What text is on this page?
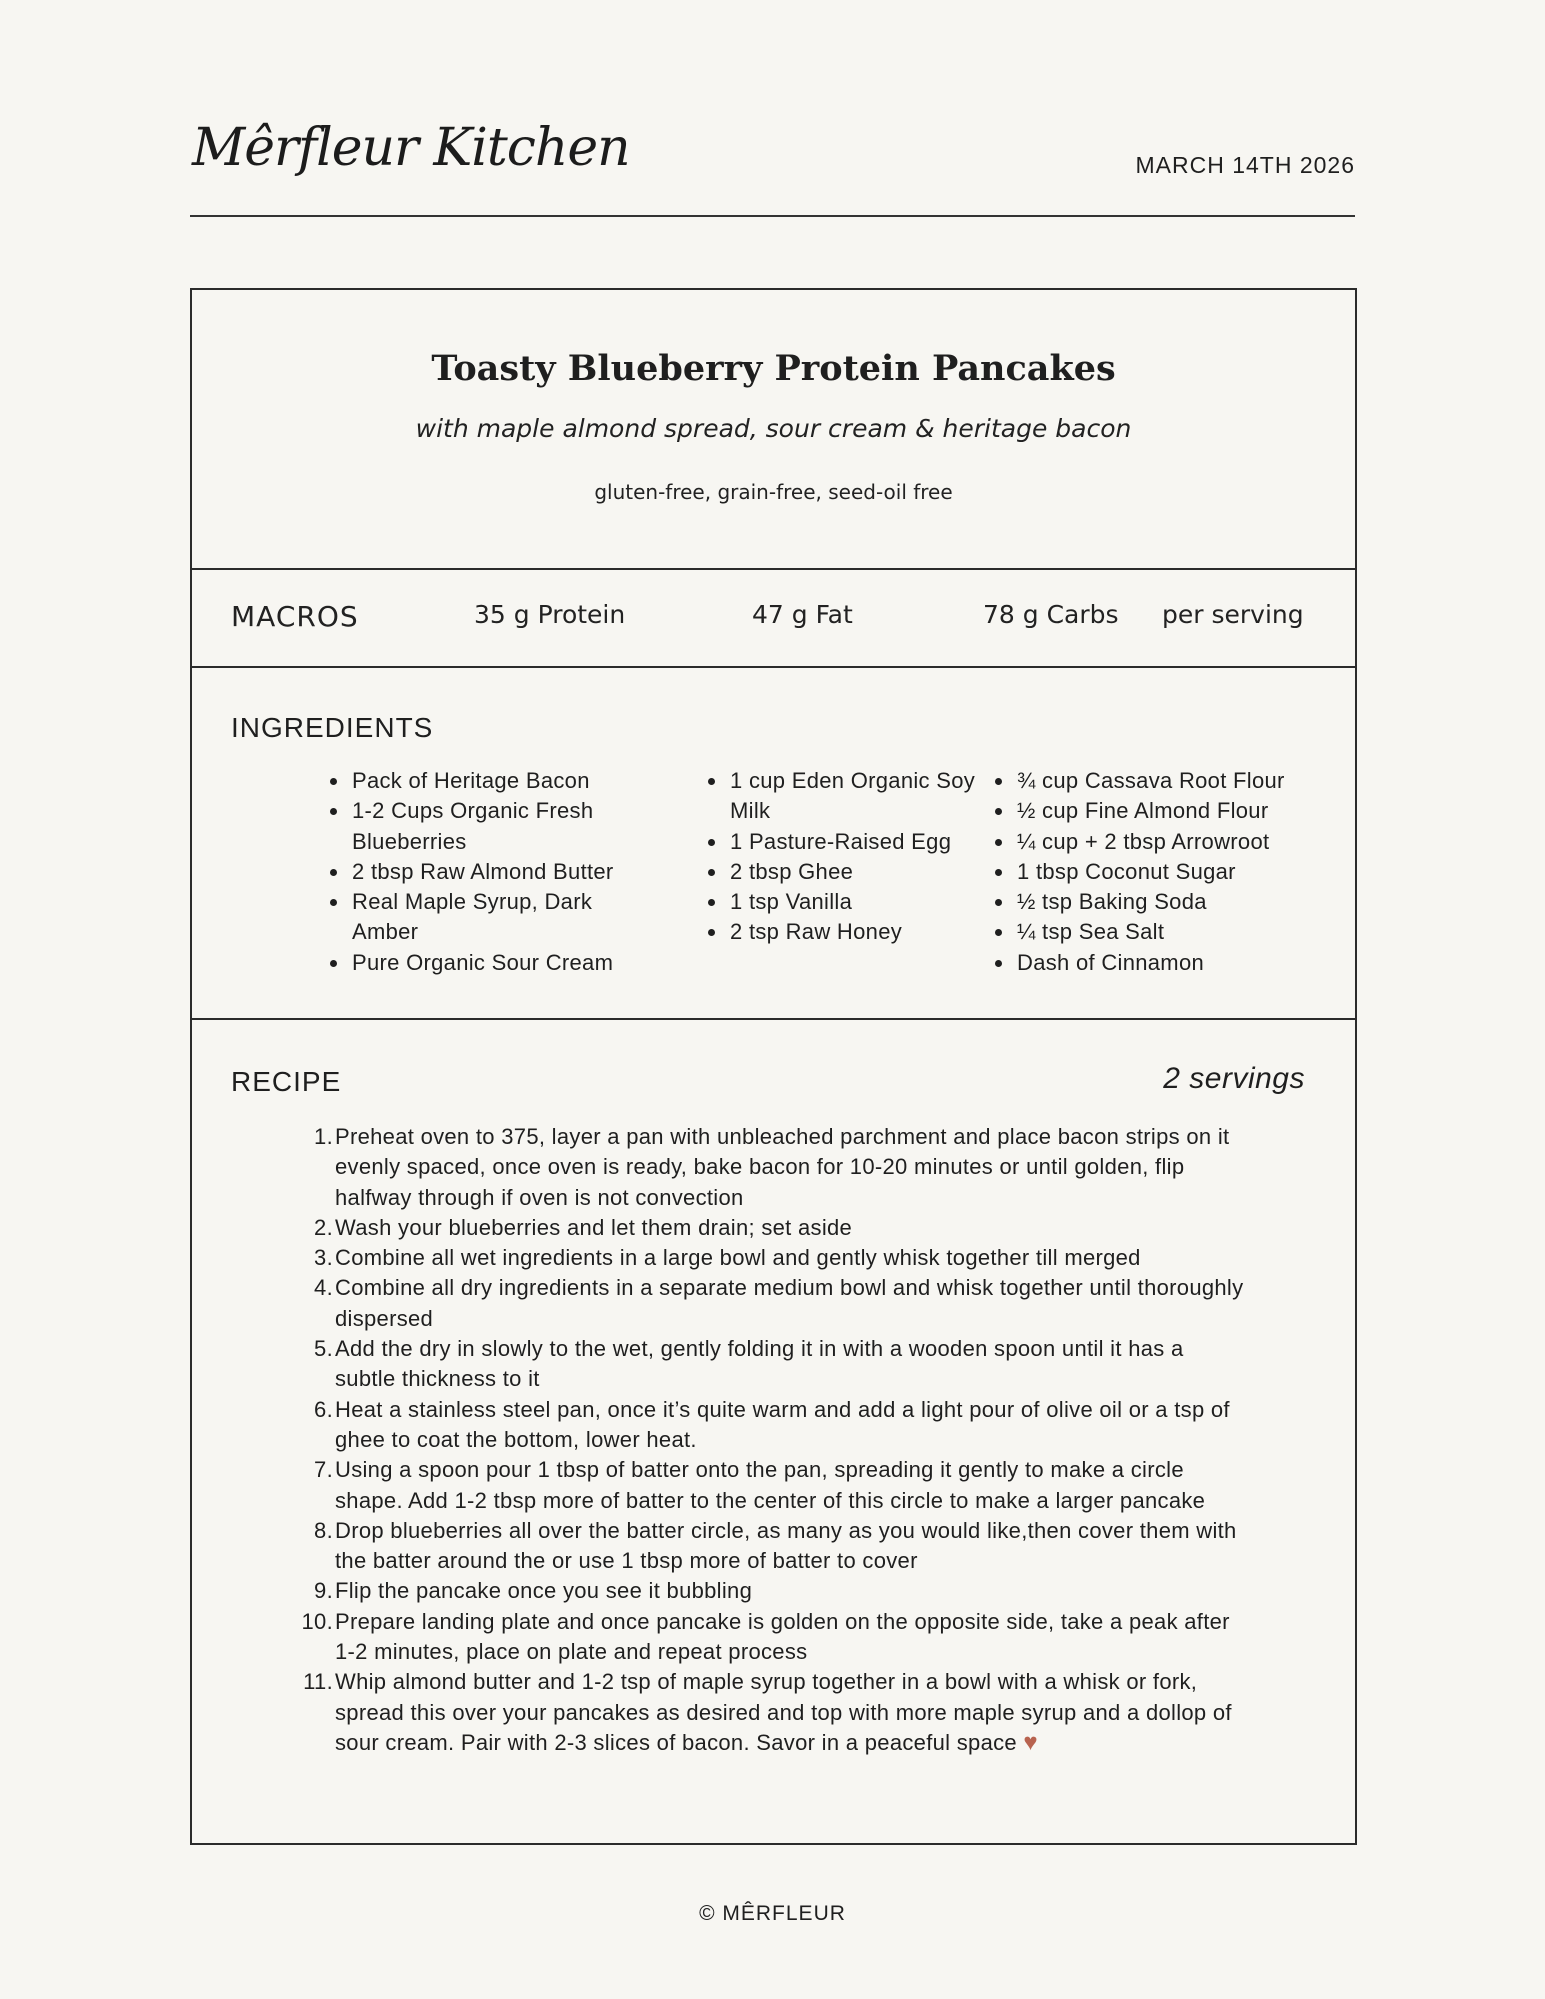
Mêrfleur Kitchen	MARCH 14TH 2026
Toasty Blueberry Protein Pancakes
with maple almond spread, sour cream & heritage bacon
gluten-free, grain-free, seed-oil free
MACROS	35 g Protein	47 g Fat	78 g Carbs per serving
INGREDIENTS
• Pack of Heritage Bacon
• 1-2 Cups Organic Fresh Blueberries
• 2 tbsp Raw Almond Butter
• Real Maple Syrup, Dark Amber
• Pure Organic Sour Cream
• 1 cup Eden Organic Soy Milk
• 1 Pasture-Raised Egg
• 2 tbsp Ghee
• 1 tsp Vanilla
• 2 tsp Raw Honey
• ¾ cup Cassava Root Flour
• ½ cup Fine Almond Flour
• ¼ cup + 2 tbsp Arrowroot
• 1 tbsp Coconut Sugar
• ½ tsp Baking Soda
• ¼ tsp Sea Salt
• Dash of Cinnamon
RECIPE	2 servings
Preheat oven to 375, layer a pan with unbleached parchment and place bacon strips on it evenly spaced, once oven is ready, bake bacon for 10-20 minutes or until golden, flip halfway through if oven is not convection
Wash your blueberries and let them drain; set aside
Combine all wet ingredients in a large bowl and gently whisk together till merged
Combine all dry ingredients in a separate medium bowl and whisk together until thoroughly dispersed
Add the dry in slowly to the wet, gently folding it in with a wooden spoon until it has a subtle thickness to it
Heat a stainless steel pan, once it’s quite warm and add a light pour of olive oil or a tsp of ghee to coat the bottom, lower heat.
Using a spoon pour 1 tbsp of batter onto the pan, spreading it gently to make a circle shape. Add 1-2 tbsp more of batter to the center of this circle to make a larger pancake
Drop blueberries all over the batter circle, as many as you would like,then cover them with the batter around the or use 1 tbsp more of batter to cover
Flip the pancake once you see it bubbling
Prepare landing plate and once pancake is golden on the opposite side, take a peak after 1-2 minutes, place on plate and repeat process
Whip almond butter and 1-2 tsp of maple syrup together in a bowl with a whisk or fork, spread this over your pancakes as desired and top with more maple syrup and a dollop of sour cream. Pair with 2-3 slices of bacon. Savor in a peaceful space ♥
© MÊRFLEUR
